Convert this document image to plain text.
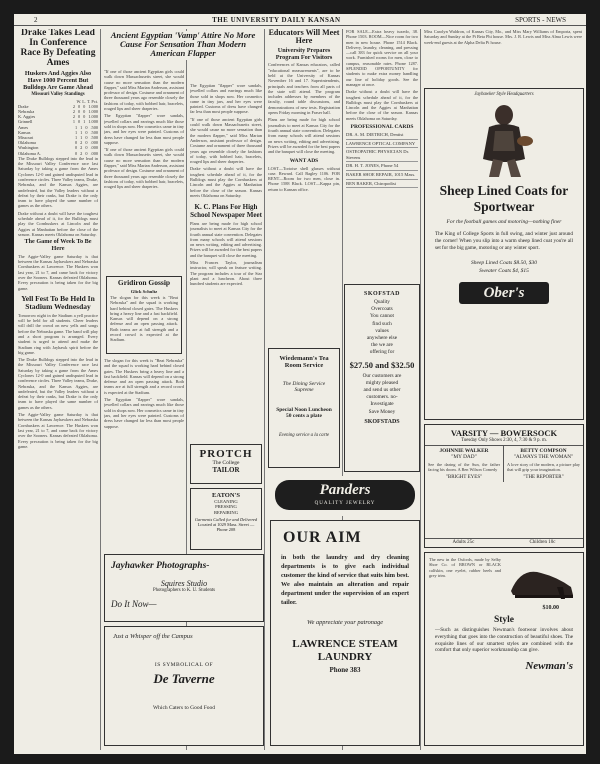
2	THE UNIVERSITY DAILY KANSAN	SPORTS - NEWS
Drake Takes Lead In Conference Race By Defeating Ames
Huskers And Aggies Also Have 1000 Percent But Bulldogs Are Game Ahead
Missouri Valley Standings
W. L. T. Pct.
Drake	2 0 0 1.000
Nebraska	2 0 0 1.000
K. Aggies	2 0 0 1.000
Grinnell	1 0 1 1.000
Ames	1 1 0 .500
Kansas	1 1 0 .500
Missouri	1 1 0 .500
Oklahoma	0 2 0 .000
Washington	0 2 0 .000
Oklahoma A.	0 2 0 .000
The Drake Bulldogs stepped into the lead in the Missouri Valley Conference race last Saturday by taking a game from the Ames Cyclones 12-0 and gained undisputed lead in conference circles. Three Valley teams, Drake, Nebraska, and the Kansas Aggies, are undefeated, but the Valley leaders without a defeat by their ranks, but Drake is the only team to have played the same number of games as the others.
Drake without a doubt will have the toughest schedule ahead of it, for the Bulldogs must play the Cornhuskers at Lincoln and the Aggies at Manhattan before the close of the season. Kansas meets Oklahoma on Saturday.
The Game of Week To Be Here
The Aggie-Valley game Saturday is that between the Kansas Jayhawkers and Nebraska Cornhuskers at Lawrence. The Huskers won last year, 21 to 7, and came back for victory over the Sooners. Kansas defeated Oklahoma. Every precaution is being taken for the big game.
Yell Fest To Be Held In Stadium Wednesday
Tomorrow night in the Stadium a yell practice will be held for all students. Cheer leaders will drill the crowd on new yells and songs before the Nebraska game. The band will play and a short program is arranged. Every student is urged to attend and make the Stadium ring with Jayhawk spirit before the big game.
The Drake Bulldogs stepped into the lead in the Missouri Valley Conference race last Saturday by taking a game from the Ames Cyclones 12-0 and gained undisputed lead in conference circles. Three Valley teams, Drake, Nebraska, and the Kansas Aggies, are undefeated, but the Valley leaders without a defeat by their ranks, but Drake is the only team to have played the same number of games as the others.
The Aggie-Valley game Saturday is that between the Kansas Jayhawkers and Nebraska Cornhuskers at Lawrence. The Huskers won last year, 21 to 7, and came back for victory over the Sooners. Kansas defeated Oklahoma. Every precaution is being taken for the big game.
"If one of those ancient Egyptian girls could walk down Massachusetts street, she would cause no more sensation than the modern flapper," said Miss Marian Anderson, assistant professor of design. Costume and ornament of three thousand years ago resemble closely the fashions of today, with bobbed hair, bracelets, rouged lips and sheer draperies.
The Egyptian "flapper" wore sandals, jewelled collars and earrings much like those sold in shops now. Her cosmetics came in tiny jars, and her eyes were painted. Customs of dress have changed far less than most people suppose.
"If one of those ancient Egyptian girls could walk down Massachusetts street, she would cause no more sensation than the modern flapper," said Miss Marian Anderson, assistant professor of design. Costume and ornament of three thousand years ago resemble closely the fashions of today, with bobbed hair, bracelets, rouged lips and sheer draperies.
Ancient Egyptian 'Vamp' Attire No More Cause For Sensation Than Modern American Flapper
Gridiron Gossip
Glick Schultz
The slogan for this week is "Beat Nebraska" and the squad is working hard behind closed gates. The Huskers bring a heavy line and a fast backfield. Kansas will depend on a strong defense and an open passing attack. Both teams are at full strength and a record crowd is expected at the Stadium.
The slogan for this week is "Beat Nebraska" and the squad is working hard behind closed gates. The Huskers bring a heavy line and a fast backfield. Kansas will depend on a strong defense and an open passing attack. Both teams are at full strength and a record crowd is expected at the Stadium.
The Egyptian "flapper" wore sandals, jewelled collars and earrings much like those sold in shops now. Her cosmetics came in tiny jars, and her eyes were painted. Customs of dress have changed far less than most people suppose.
Jayhawker Photographs-
Squires Studio
Photographers to K. U. Students
Do It Now—
Just a Whisper off the Campus
IS SYMBOLICAL OF
De Taverne
Which Caters to Good Food
The Egyptian "flapper" wore sandals, jewelled collars and earrings much like those sold in shops now. Her cosmetics came in tiny jars, and her eyes were painted. Customs of dress have changed far less than most people suppose.
"If one of those ancient Egyptian girls could walk down Massachusetts street, she would cause no more sensation than the modern flapper," said Miss Marian Anderson, assistant professor of design. Costume and ornament of three thousand years ago resemble closely the fashions of today, with bobbed hair, bracelets, rouged lips and sheer draperies.
Drake without a doubt will have the toughest schedule ahead of it, for the Bulldogs must play the Cornhuskers at Lincoln and the Aggies at Manhattan before the close of the season. Kansas meets Oklahoma on Saturday.
K. C. Plans For High School Newspaper Meet
Plans are being made for high school journalists to meet at Kansas City for the fourth annual state convention. Delegates from many schools will attend sessions on news writing, editing and advertising. Prizes will be awarded for the best papers and the banquet will close the meeting.
Miss Frances Taylor, journalism instructor, will speak on feature writing. The program includes a tour of the Star plant and a luncheon. About three hundred students are expected.
PROTCH
The College
TAILOR
EATON'S
CLEANING
PRESSING
REPAIRING
Garments Called for and Delivered
Located at 1029 Mass. Street — Phone 208
Educators Will Meet Here
University Prepares Program For Visitors
Conferences of Kansas educators, called "educational measurements", are to be held at the University of Kansas November 16 and 17. Superintendents, principals and teachers from all parts of the state will attend. The program includes addresses by members of the faculty, round table discussions, and demonstrations of new tests. Registration opens Friday morning in Fraser hall.
Plans are being made for high school journalists to meet at Kansas City for the fourth annual state convention. Delegates from many schools will attend sessions on news writing, editing and advertising. Prizes will be awarded for the best papers and the banquet will close the meeting.
WANT ADS
LOST—Tortoise shell glasses without case. Reward. Call Bagley 1106. FOR RENT—Room for two men, close in. Phone 1588 Black. LOST—Kappa pin, return to Kansan office.
Wiedemann's Tea Room Service
The Dining Service Supreme
Special Noon Luncheon 50 cents a plate
Evening service a la carte
FOR SALE—Extra heavy tuxedo, 38. Phone 1503. ROOM—Nice room for two men in new house. Phone 1514 Black. Delivery, laundry, cleaning, and pressing—call 383 for quick service on all your work. Furnished rooms for men, close to campus, reasonable rates. Phone 1287. SPLENDID OPPORTUNITY for students to make extra money handling our line of holiday goods. See the manager at once.
Drake without a doubt will have the toughest schedule ahead of it, for the Bulldogs must play the Cornhuskers at Lincoln and the Aggies at Manhattan before the close of the season. Kansas meets Oklahoma on Saturday.
PROFESSIONAL CARDS
DR. A. M. DIETRICH, Dentist
LAWRENCE OPTICAL COMPANY
OSTEOPATHIC PHYSICIAN Dr. Stevens
DR. H. T. JONES, Phone 54
BAKER SHOE REPAIR, 1015 Mass.
BEN BAKER, Chiropodist
SKOFSTAD
Quality
Overcoats
You cannot
find such
values
anywhere else
the we are
offering for
$27.50 and $32.50
Our customers are
mighty pleased
and send us other
customers. no-
Investigate
Save Money
SKOFSTADS
Miss Carolyn Waldron, of Kansas City, Mo., and Miss Mary Williams of Emporia, spent Saturday and Sunday at the Pi Beta Phi house. Mrs. J. R. Lewis and Miss Alma Lewis were week-end guests at the Alpha Delta Pi house.
Jayhawker Style Headquarters
Sheep Lined Coats for Sportwear
For the football games and motoring—nothing finer
The King of College Sports in full swing, and winter just around the corner! When you slip into a warm sheep lined coat you're all set for the big game, motoring or any winter sport.
Sheep Lined Coats $8.50, $30
Sweater Coats $4, $15
Ober's
VARSITY — BOWERSOCK
Tuesday Only Shows 2:30, 4, 7:30 & 9 p. m.
JOHNNIE WALKER
"MY DAD"
See the daring of the Sun, the father facing his doom. A Ben Wilson Comedy
"BRIGHT EYES"
BETTY COMPSON
"ALWAYS THE WOMAN"
A love story of the modern, a picture play that will grip your imagination.
"THE REPORTER"
Adults 25c	Children 10c
The new in the Oxfords, made by Selby Shoe Co. of BROWN or BLACK calfskin, one eyelet, rubber heels and grey trim.
$10.00
Style
—Such as distinguishes Newman's footwear involves about everything that goes into the construction of beautiful shoes. The exquisite lines of our smartest styles are combined with the comfort that only superior workmanship can give.
Newman's
Panders
QUALITY JEWELRY
OUR AIM
in both the laundry and dry cleaning departments is to give each individual customer the kind of service that suits him best. We also maintain an alteration and repair department under the supervision of an expert tailor.
We appreciate your patronage
LAWRENCE STEAM LAUNDRY
Phone 383
